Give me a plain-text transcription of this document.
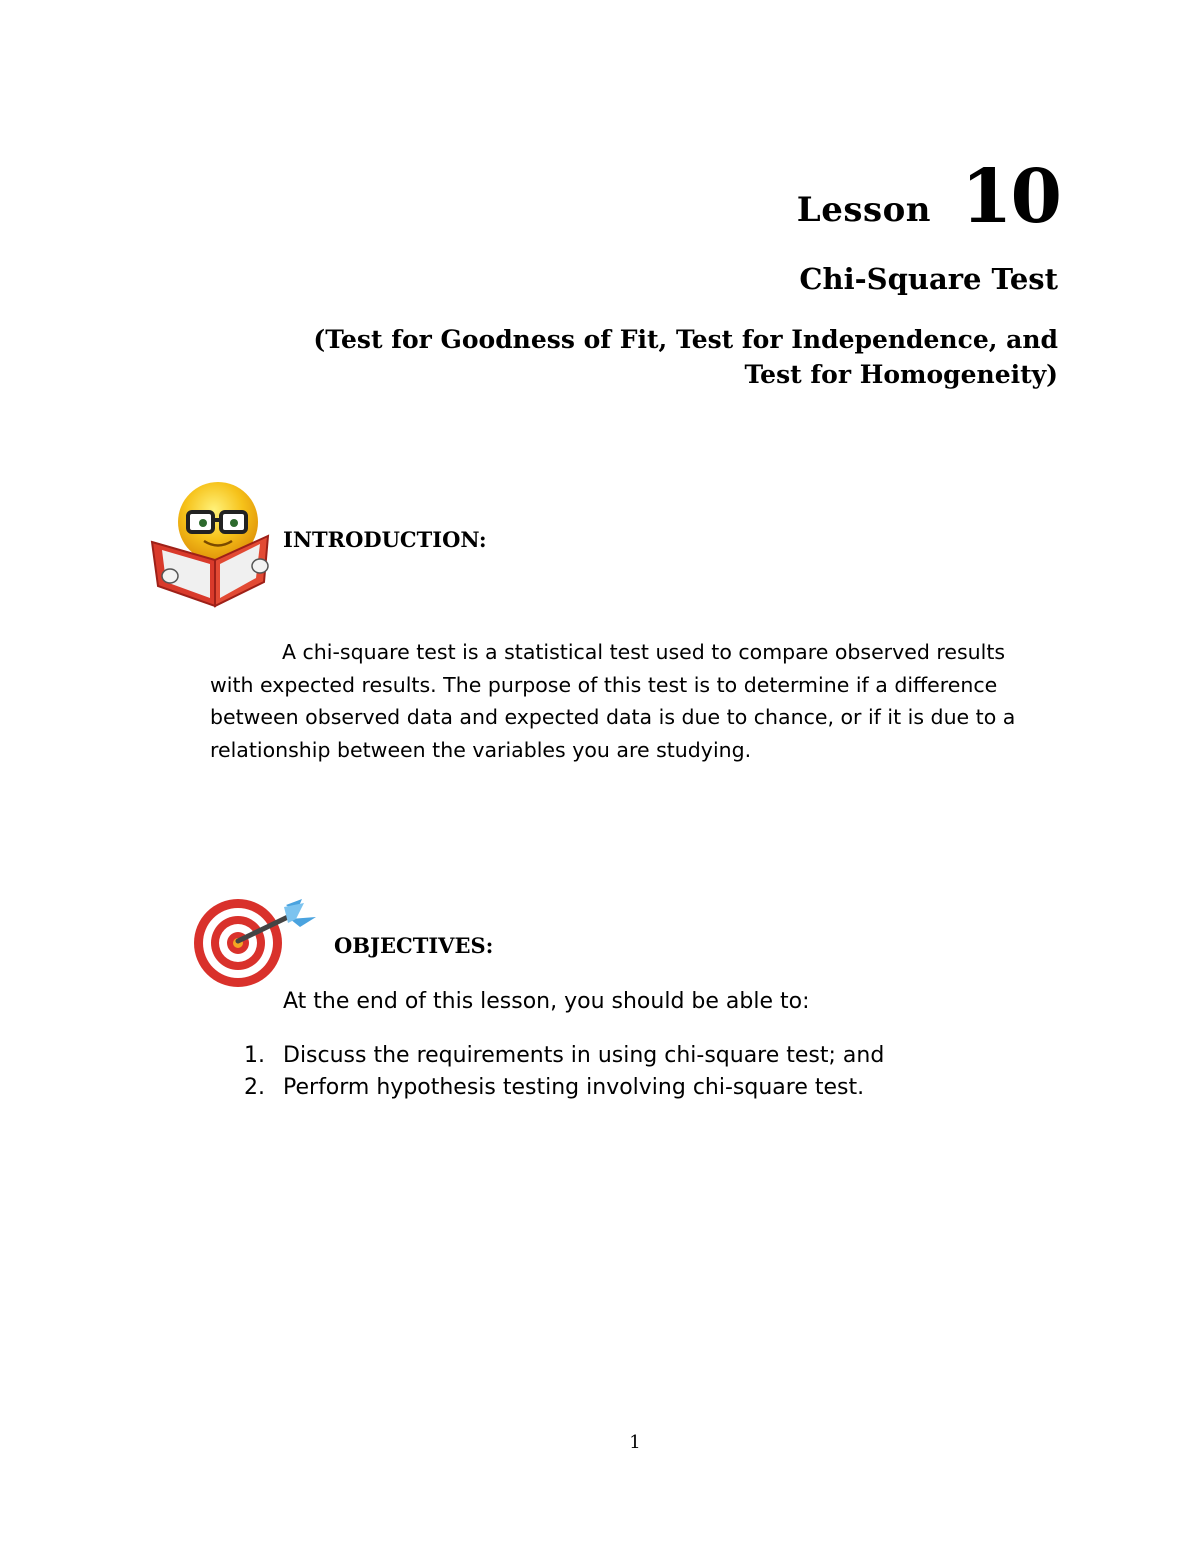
Lesson 10
Chi-Square Test
(Test for Goodness of Fit, Test for Independence, and
Test for Homogeneity)
INTRODUCTION:

A chi-square test is a statistical test used to compare observed results with expected results. The purpose of this test is to determine if a difference between observed data and expected data is due to chance, or if it is due to a relationship between the variables you are studying.

OBJECTIVES:
At the end of this lesson, you should be able to:
1. Discuss the requirements in using chi-square test; and
2. Perform hypothesis testing involving chi-square test.
1
